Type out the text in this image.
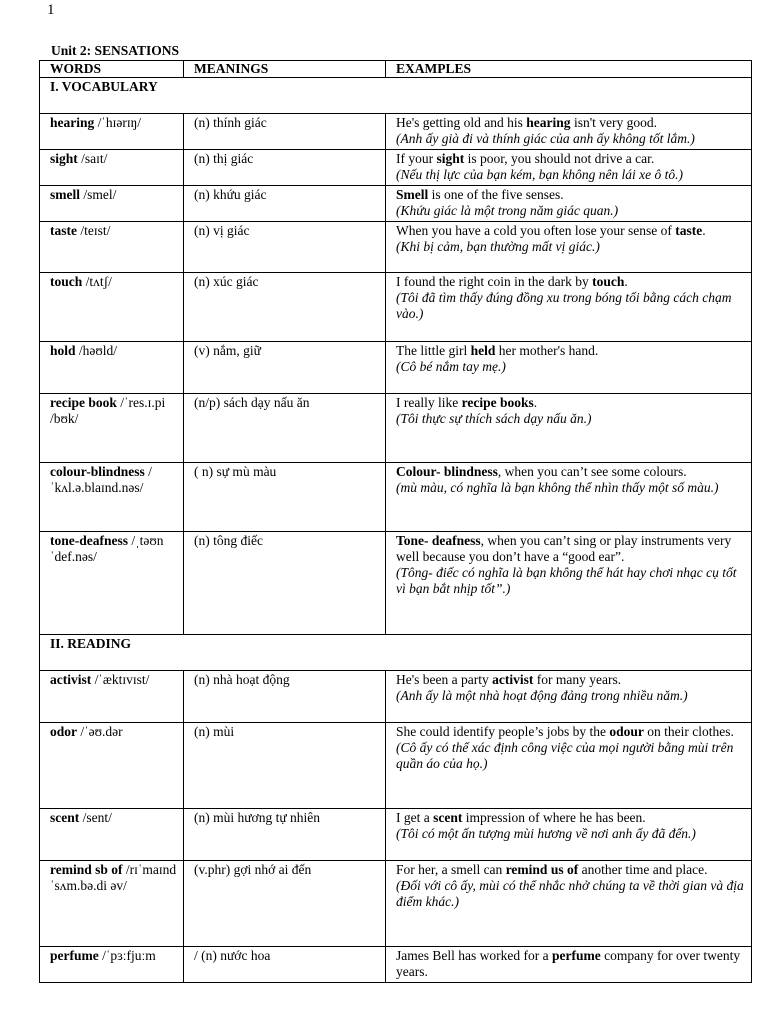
1
Unit 2: SENSATIONS
WORDS	MEANINGS	EXAMPLES
I. VOCABULARY		
hearing /ˈhɪərɪŋ/	(n) thính giác	He's getting old and his hearing isn't very good.
(Anh ấy già đi và thính giác của anh ấy không tốt lắm.)

sight /saɪt/	(n) thị giác	If your sight is poor, you should not drive a car.
(Nếu thị lực của bạn kém, bạn không nên lái xe ô tô.)

smell /smel/	(n) khứu giác	Smell is one of the five senses.
(Khứu giác là một trong năm giác quan.)

taste /teɪst/	(n) vị giác	When you have a cold you often lose your sense of taste.
(Khi bị cảm, bạn thường mất vị giác.)

touch /tʌtʃ/	(n) xúc giác	I found the right coin in the dark by touch.
(Tôi đã tìm thấy đúng đồng xu trong bóng tối bằng cách chạm vào.)

hold /həʊld/	(v) nắm, giữ	The little girl held her mother's hand.
(Cô bé nắm tay mẹ.)

recipe book /ˈres.ɪ.pi /bʊk/	(n/p) sách dạy nấu ăn	I really like recipe books.
(Tôi thực sự thích sách dạy nấu ăn.)

colour-blindness /ˈkʌl.ə.blaɪnd.nəs/	( n) sự mù màu	Colour- blindness, when you can’t see some colours.
(mù màu, có nghĩa là bạn không thể nhìn thấy một số màu.)

tone-deafness /ˌtəʊnˈdef.nəs/	(n) tông điếc	Tone- deafness, when you can’t sing or play instruments very well because you don’t have a “good ear”.
(Tông- điếc có nghĩa là bạn không thể hát hay chơi nhạc cụ tốt vì bạn bắt nhịp tốt”.)

II. READING		
activist /ˈæktɪvɪst/	(n) nhà hoạt động	He's been a party activist for many years.
(Anh ấy là một nhà hoạt động đảng trong nhiều năm.)

odor /ˈəʊ.dər	(n) mùi	She could identify people’s jobs by the odour on their clothes.
(Cô ấy có thể xác định công việc của mọi người bằng mùi trên quần áo của họ.)

scent /sent/	(n) mùi hương tự nhiên	I get a scent impression of where he has been.
(Tôi có một ấn tượng mùi hương về nơi anh ấy đã đến.)

remind sb of /rɪˈmaɪnd ˈsʌm.bə.di əv/	(v.phr) gợi nhớ ai đến	For her, a smell can remind us of another time and place.
(Đối với cô ấy, mùi có thể nhắc nhở chúng ta về thời gian và địa điểm khác.)

perfume /ˈpɜːfjuːm	/ (n) nước hoa	James Bell has worked for a perfume company for over twenty years.
